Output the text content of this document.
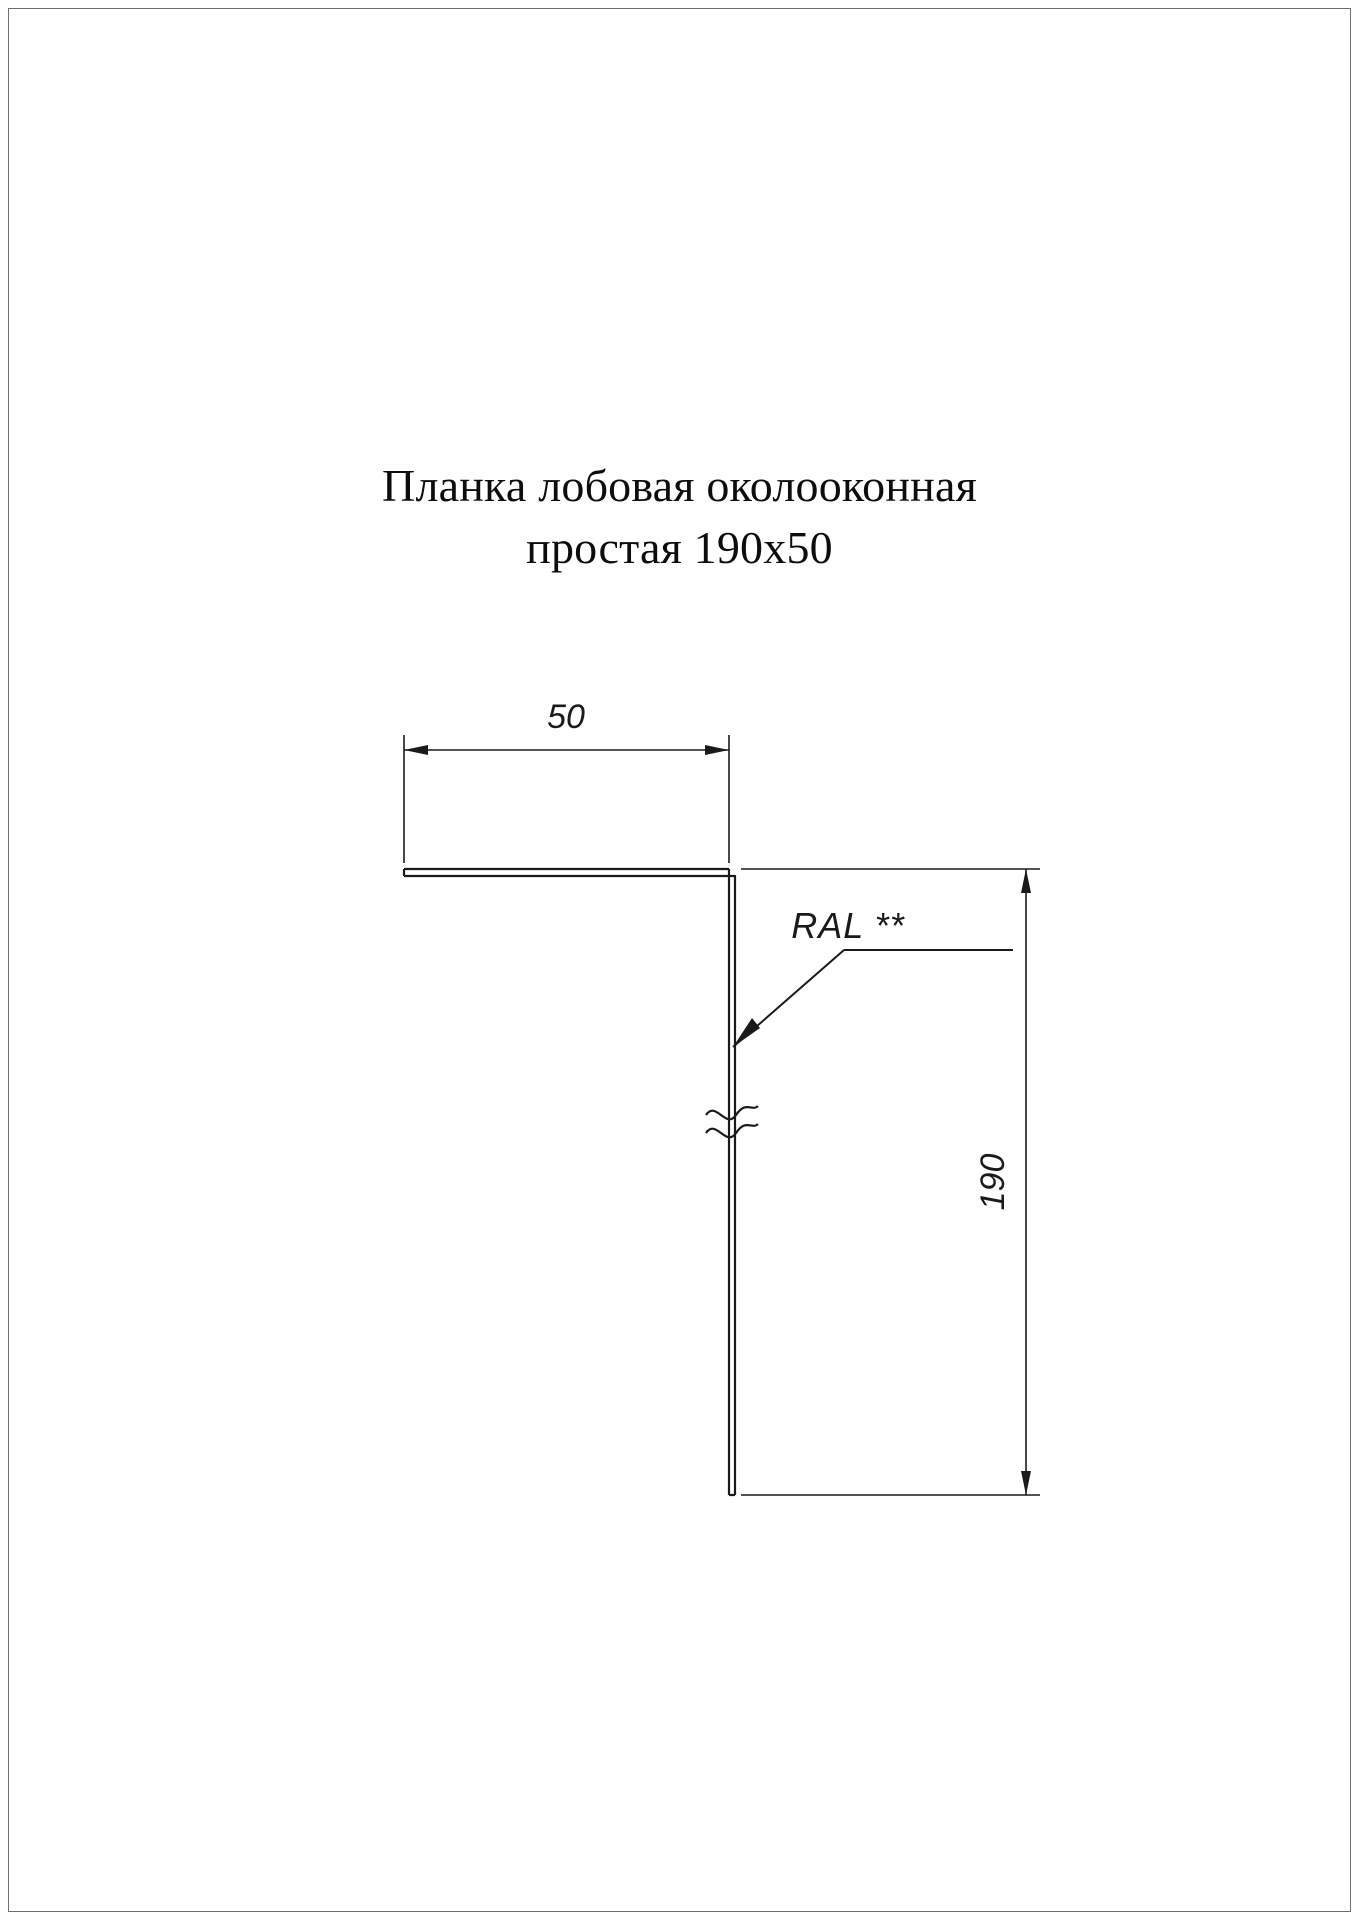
Планка лобовая околооконная
простая 190x50
50
190
RAL **
